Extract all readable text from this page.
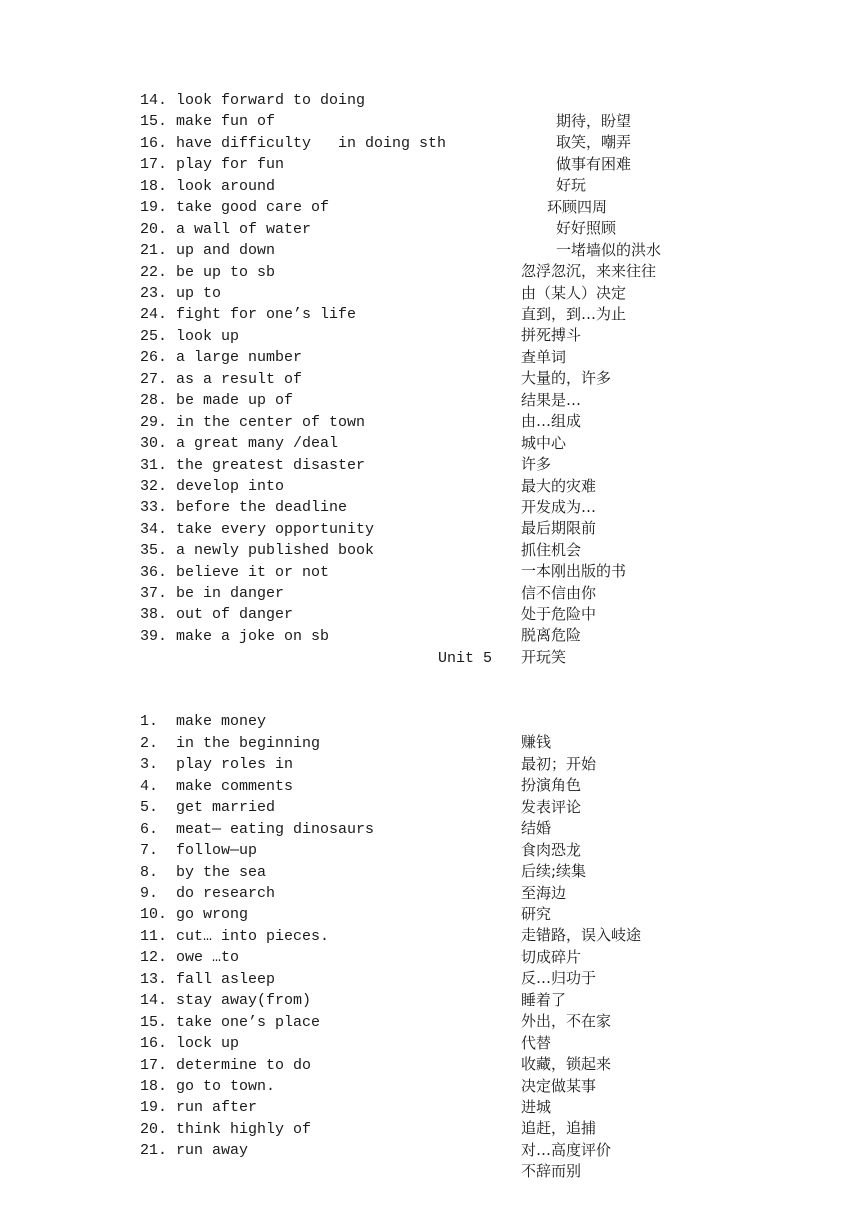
14. look forward to doing

期待，盼望

15. make fun of

取笑，嘲弄

16. have difficulty   in doing sth

做事有困难

17. play for fun

好玩

18. look around

环顾四周

19. take good care of

好好照顾

20. a wall of water

一堵墙似的洪水

21. up and down

忽浮忽沉，来来往往

22. be up to sb

由（某人）决定

23. up to

直到，到…为止

24. fight for one’s life

拼死搏斗

25. look up

查单词

26. a large number

大量的，许多

27. as a result of

结果是…

28. be made up of

由…组成

29. in the center of town

城中心

30. a great many /deal

许多

31. the greatest disaster

最大的灾难

32. develop into

开发成为…

33. before the deadline

最后期限前

34. take every opportunity

抓住机会

35. a newly published book

一本刚出版的书

36. believe it or not

信不信由你

37. be in danger

处于危险中

38. out of danger

脱离危险

39. make a joke on sb

开玩笑

Unit 5

1.  make money

赚钱

2.  in the beginning

最初；开始

3.  play roles in

扮演角色

4.  make comments

发表评论

5.  get married

结婚

6.  meat— eating dinosaurs

食肉恐龙

7.  follow—up

后续;续集

8.  by the sea

至海边

9.  do research

研究

10. go wrong

走错路，误入岐途

11. cut… into pieces.

切成碎片

12. owe …to

反…归功于

13. fall asleep

睡着了

14. stay away(from)

外出，不在家

15. take one’s place

代替

16. lock up

收藏，锁起来

17. determine to do

决定做某事

18. go to town.

进城

19. run after

追赶，追捕

20. think highly of

对…高度评价

21. run away

不辞而别
